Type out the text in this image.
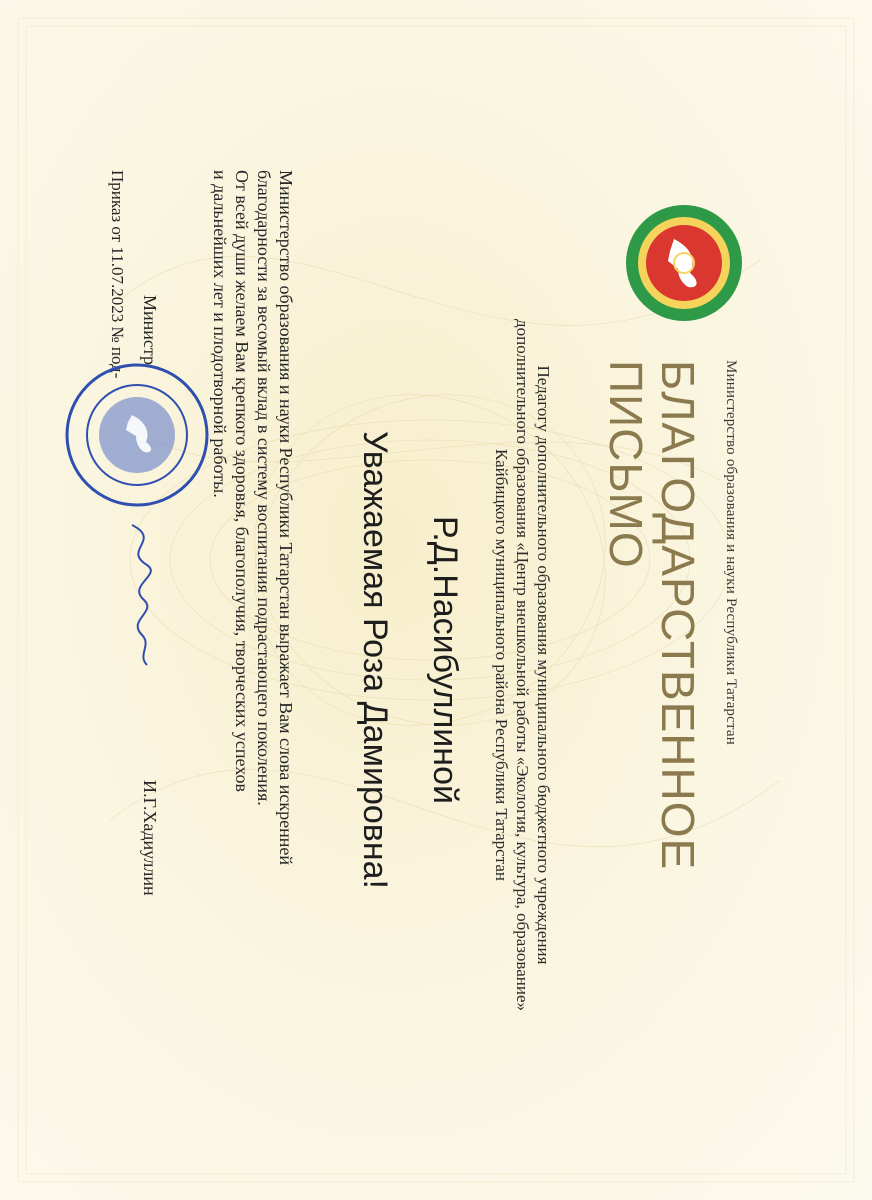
Министерство образования и науки Республики Татарстан
БЛАГОДАРСТВЕННОЕ
ПИСЬМО
Педагогу дополнительного образования муниципального бюджетного учреждения
дополнительного образования «Центр внешкольной работы «Экология, культура, образование»
Кайбицкого муниципального района Республики Татарстан
Р.Д.Насибуллиной
Уважаемая Роза Дамировна!

Министерство образования и науки Республики Татарстан выражает Вам слова искренней

благодарности за весомый вклад в систему воспитания подрастающего поколения.

От всей души желаем Вам крепкого здоровья, благополучия, творческих успехов

и дальнейших лет и плодотворной работы.

Министр
И.Г.Хадиуллин
Приказ от 11.07.2023 № под-
